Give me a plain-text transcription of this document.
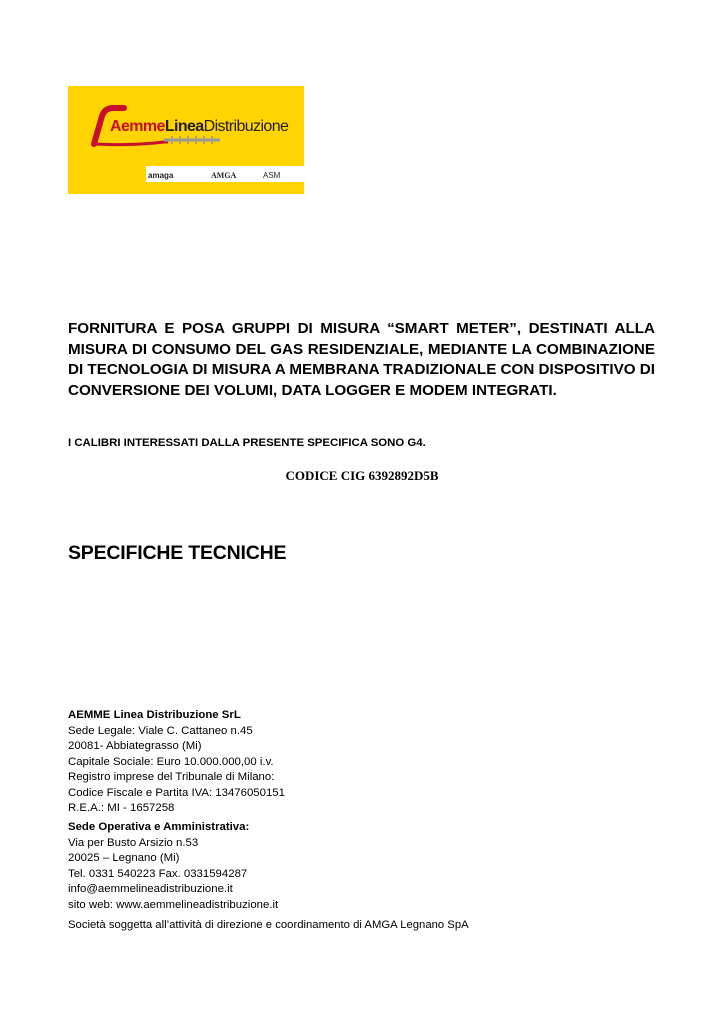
AemmeLineaDistribuzione
amaga	AMGA	ASM

FORNITURA E POSA GRUPPI DI MISURA “SMART METER”, DESTINATI ALLA MISURA DI CONSUMO DEL GAS RESIDENZIALE, MEDIANTE LA COMBINAZIONE DI TECNOLOGIA DI MISURA A MEMBRANA TRADIZIONALE CON DISPOSITIVO DI CONVERSIONE DEI VOLUMI, DATA LOGGER E MODEM INTEGRATI.

I CALIBRI INTERESSATI DALLA PRESENTE SPECIFICA SONO G4.

CODICE CIG 6392892D5B

SPECIFICHE TECNICHE

AEMME Linea Distribuzione SrL
Sede Legale: Viale C. Cattaneo n.45
20081- Abbiategrasso (Mi)
Capitale Sociale: Euro 10.000.000,00 i.v.
Registro imprese del Tribunale di Milano:
Codice Fiscale e Partita IVA: 13476050151
R.E.A.: MI - 1657258
Sede Operativa e Amministrativa:
Via per Busto Arsizio n.53
20025 – Legnano (Mi)
Tel. 0331 540223 Fax. 0331594287
info@aemmelineadistribuzione.it
sito web: www.aemmelineadistribuzione.it

Società soggetta all’attività di direzione e coordinamento di AMGA Legnano SpA
